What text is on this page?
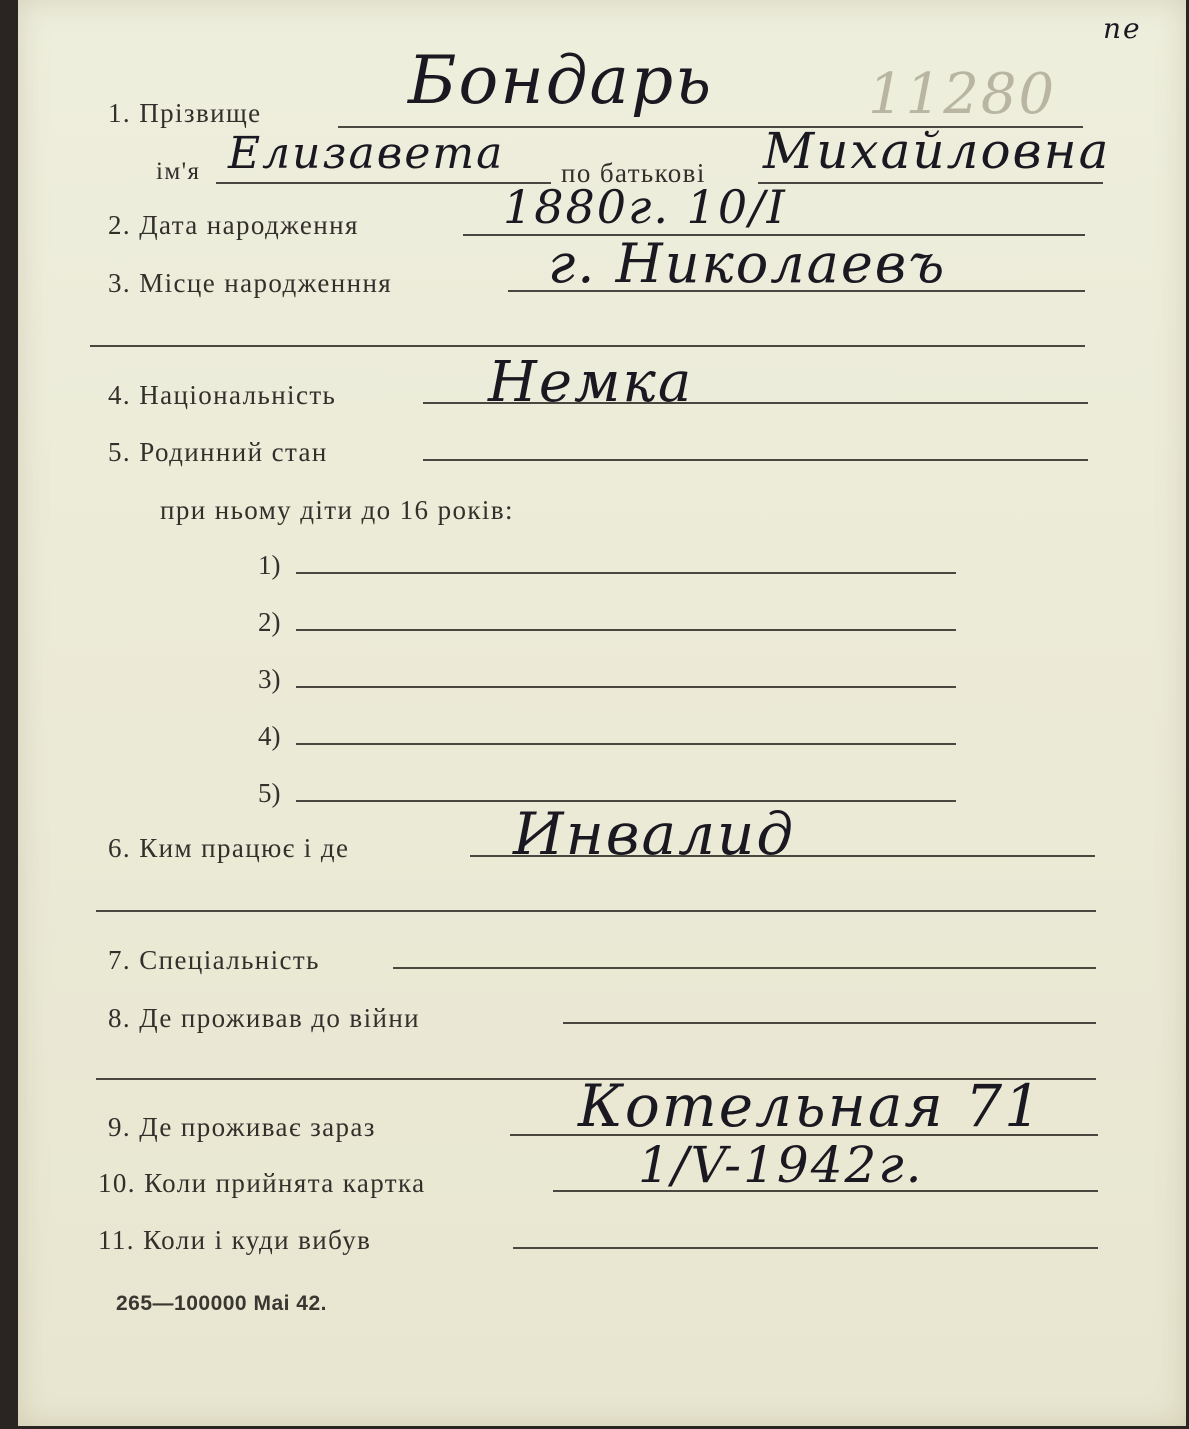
пе
1. Прізвище Бондарь	11280
ім'я Елизавета по батькові Михайловна
2. Дата народження	1880г. 10/I
3. Місце народженння	г. Николаевъ
4. Національність	Немка
5. Родинний стан
при ньому діти до 16 років:
1)
2)
3)
4)
5)
6. Ким працює і де	Инвалид
7. Спеціальність
8. Де проживав до війни
9. Де проживає зараз	Котельная 71
10. Коли прийнята картка	1/V-1942г.
11. Коли і куди вибув
265—100000 Mai 42.
